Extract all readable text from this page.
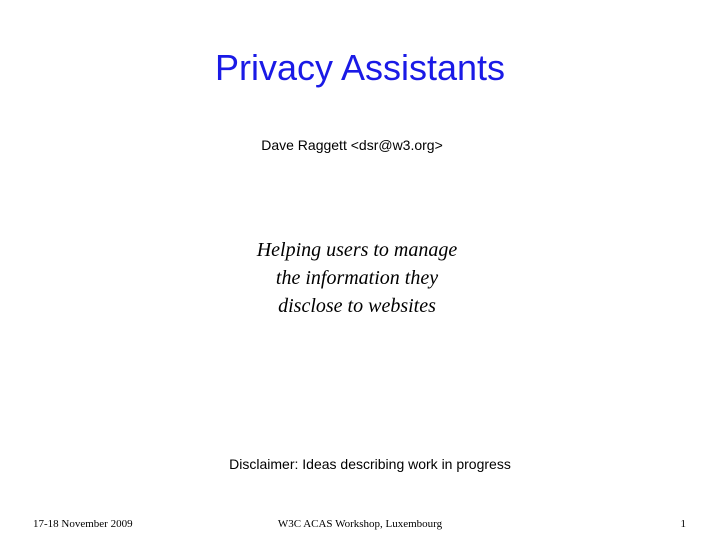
Privacy Assistants
Dave Raggett <dsr@w3.org>
Helping users to manage
the information they
disclose to websites
Disclaimer: Ideas describing work in progress
17-18 November 2009	W3C ACAS Workshop, Luxembourg	1
